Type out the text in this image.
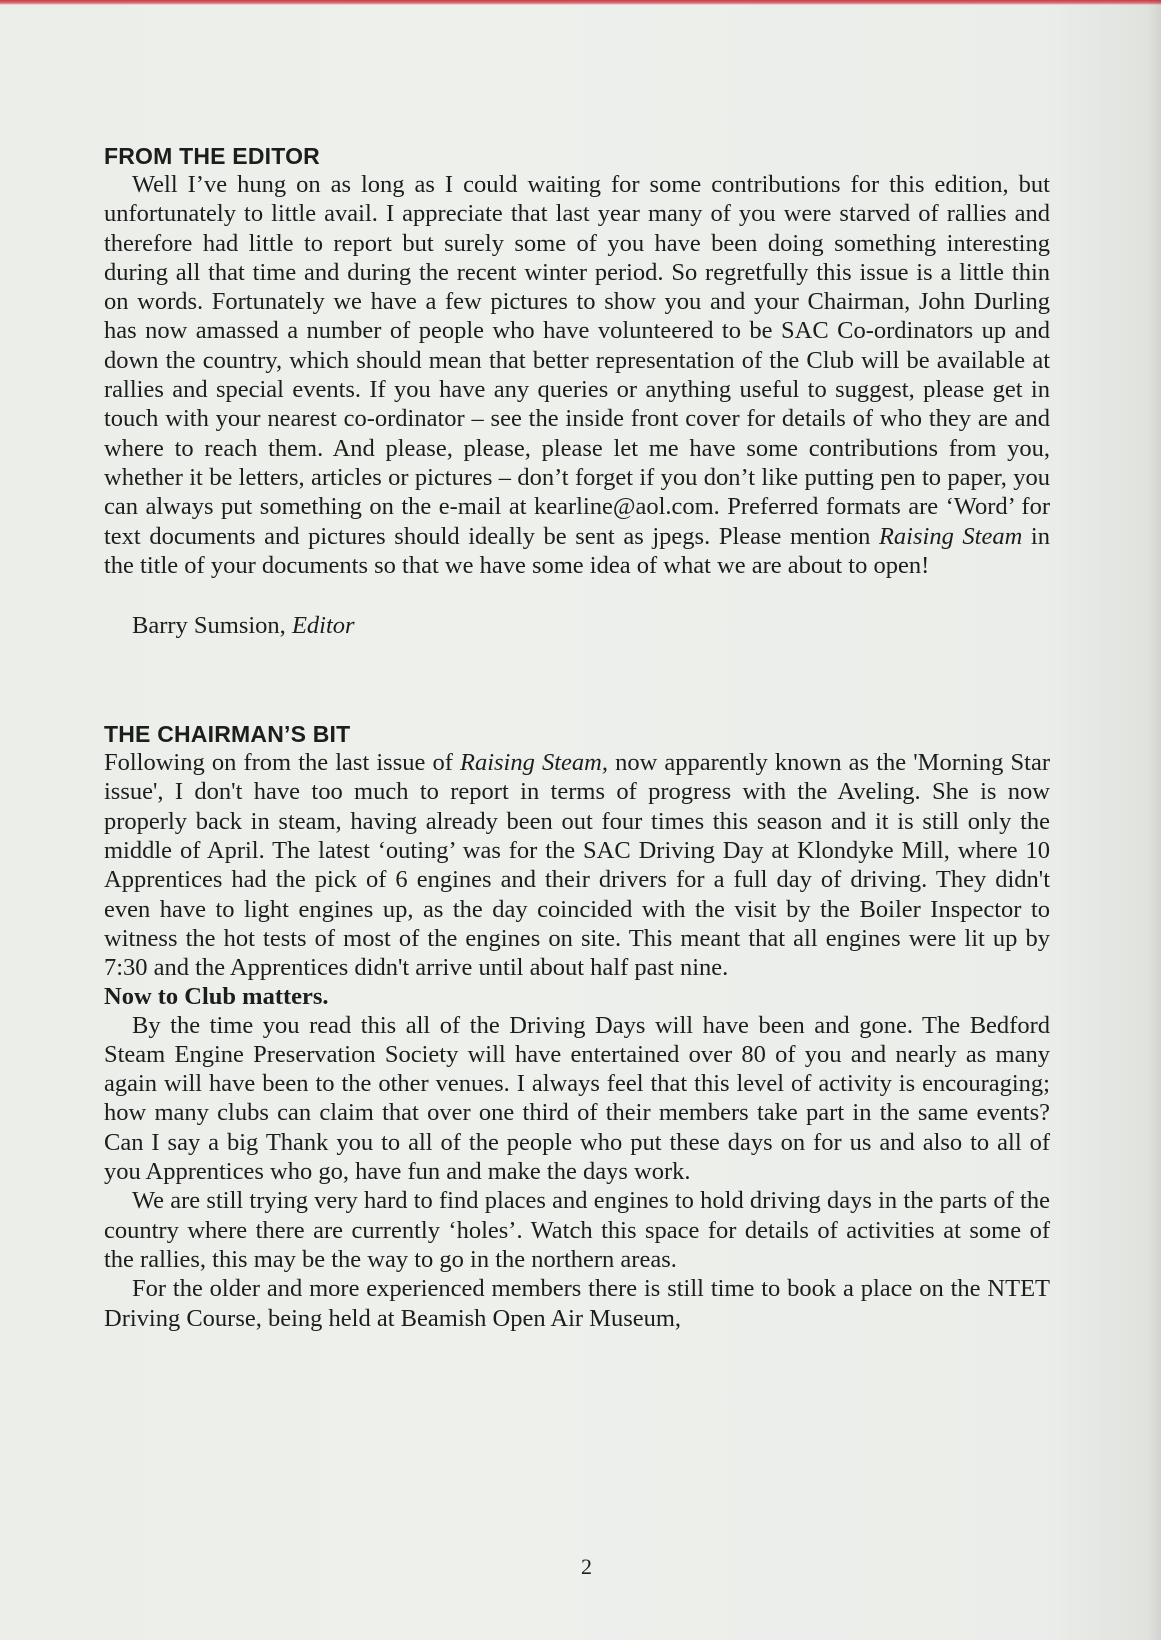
FROM THE EDITOR

Well I’ve hung on as long as I could waiting for some contributions for this edition, but unfortunately to little avail. I appreciate that last year many of you were starved of rallies and therefore had little to report but surely some of you have been doing something interesting during all that time and during the recent winter period. So regretfully this issue is a little thin on words. Fortunately we have a few pictures to show you and your Chairman, John Durling has now amassed a number of people who have volunteered to be SAC Co-ordinators up and down the country, which should mean that better representation of the Club will be available at rallies and special events. If you have any queries or anything useful to suggest, please get in touch with your nearest co-ordinator – see the inside front cover for details of who they are and where to reach them. And please, please, please let me have some contributions from you, whether it be letters, articles or pictures – don’t forget if you don’t like putting pen to paper, you can always put something on the e-mail at kearline@aol.com. Preferred formats are ‘Word’ for text documents and pictures should ideally be sent as jpegs. Please mention Raising Steam in the title of your documents so that we have some idea of what we are about to open!

Barry Sumsion, Editor

THE CHAIRMAN’S BIT

Following on from the last issue of Raising Steam, now apparently known as the 'Morning Star issue', I don't have too much to report in terms of progress with the Aveling. She is now properly back in steam, having already been out four times this season and it is still only the middle of April. The latest ‘outing’ was for the SAC Driving Day at Klondyke Mill, where 10 Apprentices had the pick of 6 engines and their drivers for a full day of driving. They didn't even have to light engines up, as the day coincided with the visit by the Boiler Inspector to witness the hot tests of most of the engines on site. This meant that all engines were lit up by 7:30 and the Apprentices didn't arrive until about half past nine.

Now to Club matters.

By the time you read this all of the Driving Days will have been and gone. The Bedford Steam Engine Preservation Society will have entertained over 80 of you and nearly as many again will have been to the other venues. I always feel that this level of activity is encouraging; how many clubs can claim that over one third of their members take part in the same events? Can I say a big Thank you to all of the people who put these days on for us and also to all of you Apprentices who go, have fun and make the days work.

We are still trying very hard to find places and engines to hold driving days in the parts of the country where there are currently ‘holes’. Watch this space for details of activities at some of the rallies, this may be the way to go in the northern areas.

For the older and more experienced members there is still time to book a place on the NTET Driving Course, being held at Beamish Open Air Museum,

2
